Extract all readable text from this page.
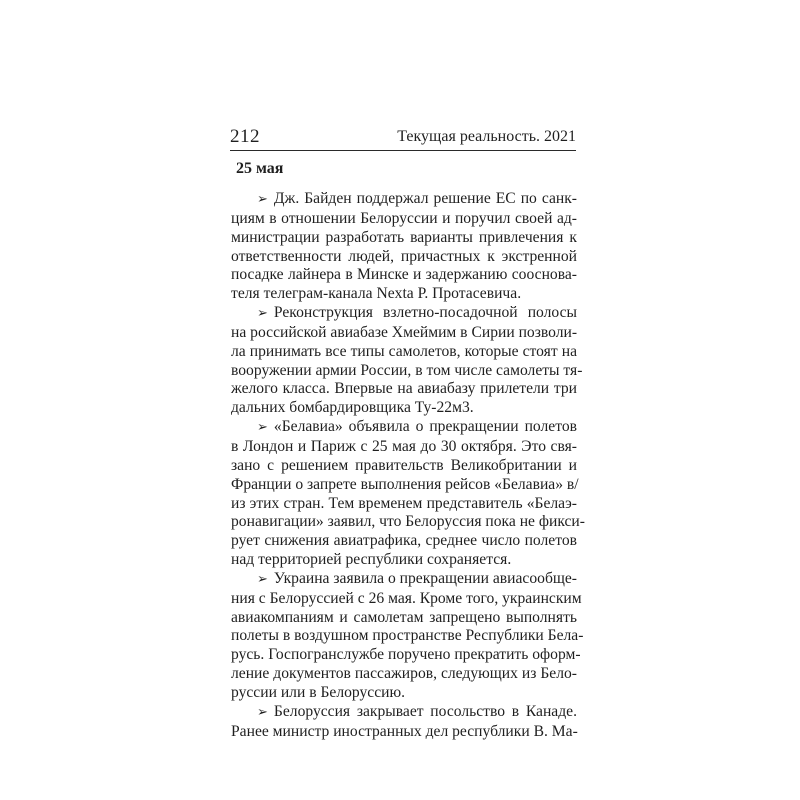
212	Текущая реальность. 2021
25 мая
➢ Дж. Байден поддержал решение ЕС по санк-
циям в отношении Белоруссии и поручил своей ад-
министрации разработать варианты привлечения к
ответственности людей, причастных к экстренной
посадке лайнера в Минске и задержанию сооснова-
теля телеграм-канала Nexta Р. Протасевича.
➢ Реконструкция взлетно-посадочной полосы
на российской авиабазе Хмеймим в Сирии позволи-
ла принимать все типы самолетов, которые стоят на
вооружении армии России, в том числе самолеты тя-
желого класса. Впервые на авиабазу прилетели три
дальних бомбардировщика Ту-22м3.
➢ «Белавиа» объявила о прекращении полетов
в Лондон и Париж с 25 мая до 30 октября. Это свя-
зано с решением правительств Великобритании и
Франции о запрете выполнения рейсов «Белавиа» в/
из этих стран. Тем временем представитель «Белаэ-
ронавигации» заявил, что Белоруссия пока не фикси-
рует снижения авиатрафика, среднее число полетов
над территорией республики сохраняется.
➢ Украина заявила о прекращении авиасообще-
ния с Белоруссией с 26 мая. Кроме того, украинским
авиакомпаниям и самолетам запрещено выполнять
полеты в воздушном пространстве Республики Бела-
русь. Госпогранслужбе поручено прекратить оформ-
ление документов пассажиров, следующих из Бело-
руссии или в Белоруссию.
➢ Белоруссия закрывает посольство в Канаде.
Ранее министр иностранных дел республики В. Ма-
